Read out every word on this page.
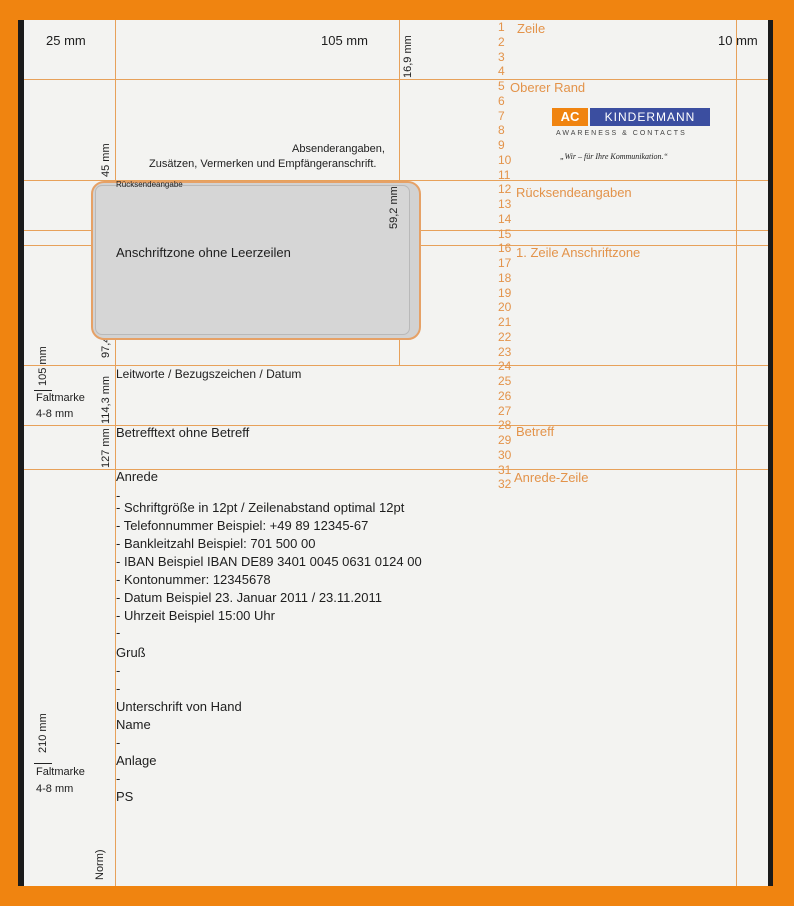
25 mm	105 mm	10 mm
16,9 mm
45 mm
105 mm
Faltmarke
4-8 mm 114,3 mm
127 mm
210 mm
Faltmarke
4-8 mm
Norm)
Absenderangaben,
Zusätzen, Vermerken und Empfängeranschrift.
Rücksendeangabe
Anschriftzone ohne Leerzeilen
59,2 mm
AC	KINDERMANN
AWARENESS & CONTACTS
„Wir – für Ihre Kommunikation.“
1
2
3
4
5
6
7
8
9
10
11
12
13
14
15
16
17
18
19
20
21
22
23
24
25
26
27
28
29
30
31
32
Zeile
Oberer Rand
Rücksendeangaben
1. Zeile Anschriftzone
Betreff
Anrede-Zeile
Leitworte / Bezugszeichen / Datum
Betrefftext ohne Betreff
Anrede
-
- Schriftgröße in 12pt / Zeilenabstand optimal 12pt
- Telefonnummer Beispiel: +49 89 12345-67
- Bankleitzahl Beispiel: 701 500 00
- IBAN Beispiel IBAN DE89 3401 0045 0631 0124 00
- Kontonummer: 12345678
- Datum Beispiel 23. Januar 2011 / 23.11.2011
- Uhrzeit Beispiel 15:00 Uhr
-
Gruß
-
-
Unterschrift von Hand
Name
-
Anlage
-
PS
